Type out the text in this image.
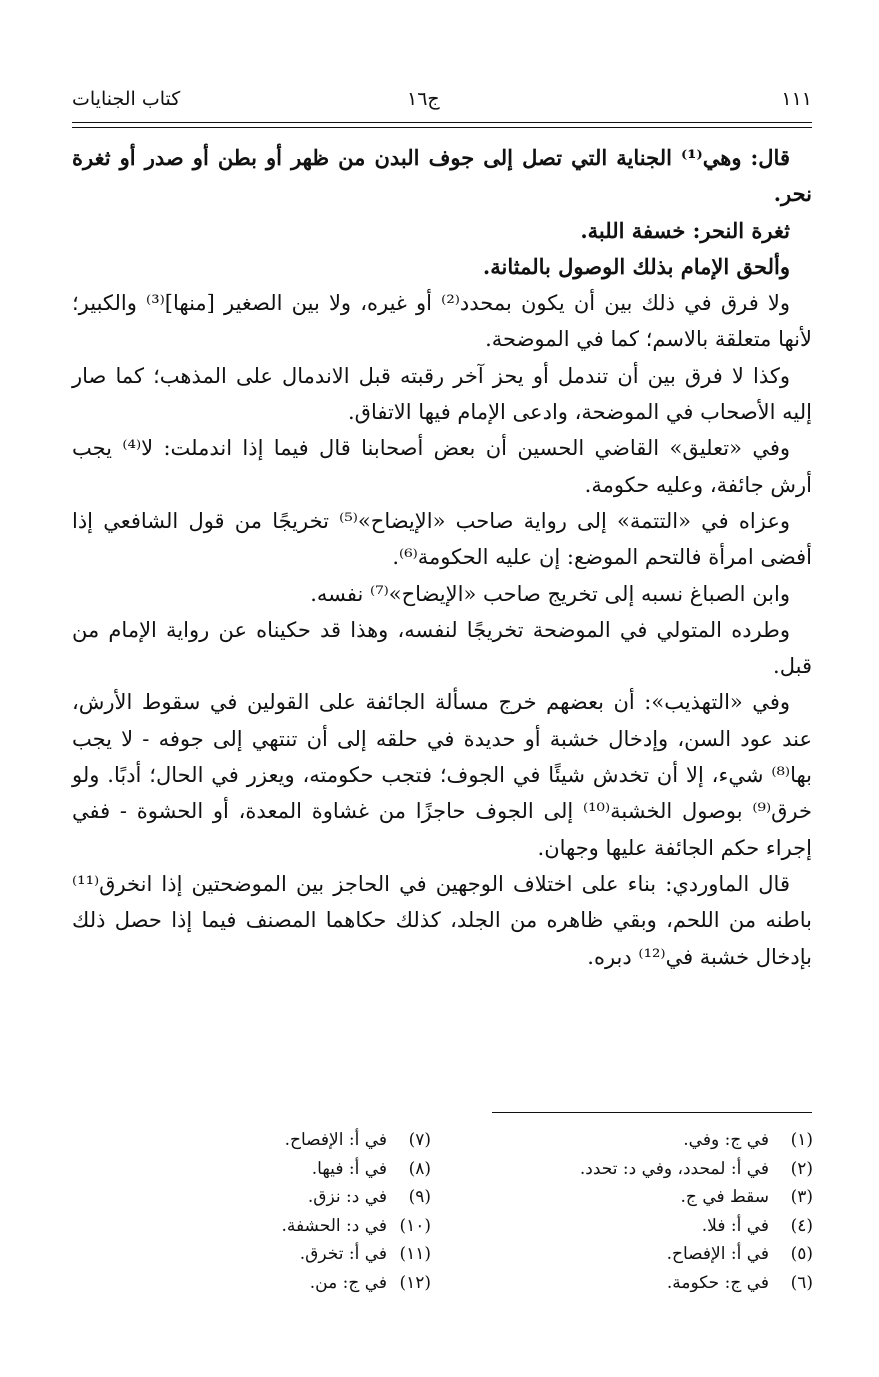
١١١
ج١٦
كتاب الجنايات

قال: وهي⁽¹⁾ الجناية التي تصل إلى جوف البدن من ظهر أو بطن أو صدر أو ثغرة نحر.

ثغرة النحر: خسفة اللبة.

وألحق الإمام بذلك الوصول بالمثانة.

ولا فرق في ذلك بين أن يكون بمحدد⁽²⁾ أو غيره، ولا بين الصغير [منها]⁽³⁾ والكبير؛ لأنها متعلقة بالاسم؛ كما في الموضحة.

وكذا لا فرق بين أن تندمل أو يحز آخر رقبته قبل الاندمال على المذهب؛ كما صار إليه الأصحاب في الموضحة، وادعى الإمام فيها الاتفاق.

وفي «تعليق» القاضي الحسين أن بعض أصحابنا قال فيما إذا اندملت: لا⁽⁴⁾ يجب أرش جائفة، وعليه حكومة.

وعزاه في «التتمة» إلى رواية صاحب «الإيضاح»⁽⁵⁾ تخريجًا من قول الشافعي إذا أفضى امرأة فالتحم الموضع: إن عليه الحكومة⁽⁶⁾.

وابن الصباغ نسبه إلى تخريج صاحب «الإيضاح»⁽⁷⁾ نفسه.

وطرده المتولي في الموضحة تخريجًا لنفسه، وهذا قد حكيناه عن رواية الإمام من قبل.

وفي «التهذيب»: أن بعضهم خرج مسألة الجائفة على القولين في سقوط الأرش، عند عود السن، وإدخال خشبة أو حديدة في حلقه إلى أن تنتهي إلى جوفه - لا يجب بها⁽⁸⁾ شيء، إلا أن تخدش شيئًا في الجوف؛ فتجب حكومته، ويعزر في الحال؛ أدبًا. ولو خرق⁽⁹⁾ بوصول الخشبة⁽¹⁰⁾ إلى الجوف حاجزًا من غشاوة المعدة، أو الحشوة - ففي إجراء حكم الجائفة عليها وجهان.

قال الماوردي: بناء على اختلاف الوجهين في الحاجز بين الموضحتين إذا انخرق⁽¹¹⁾ باطنه من اللحم، وبقي ظاهره من الجلد، كذلك حكاهما المصنف فيما إذا حصل ذلك بإدخال خشبة في⁽¹²⁾ دبره.

(١)في ج: وفي.
(٢)في أ: لمحدد، وفي د: تحدد.
(٣)سقط في ج.
(٤)في أ: فلا.
(٥)في أ: الإفصاح.
(٦)في ج: حكومة.
(٧)في أ: الإفصاح.
(٨)في أ: فيها.
(٩)في د: نزق.
(١٠)في د: الحشفة.
(١١)في أ: تخرق.
(١٢)في ج: من.
